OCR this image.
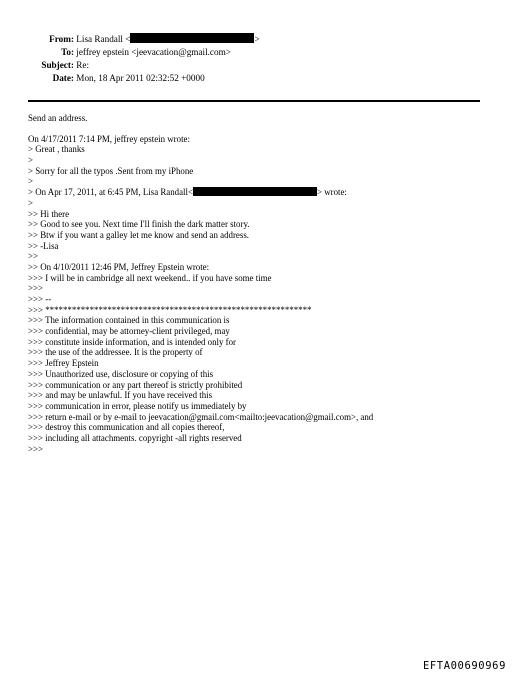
From: Lisa Randall <	>
To: jeffrey epstein <jeevacation@gmail.com>
Subject: Re:
Date: Mon, 18 Apr 2011 02:32:52 +0000
Send an address.
On 4/17/2011 7:14 PM, jeffrey epstein wrote:
> Great , thanks
>
> Sorry for all the typos .Sent from my iPhone
>
> On Apr 17, 2011, at 6:45 PM, Lisa Randall<	> wrote:
>
>> Hi there
>> Good to see you. Next time I'll finish the dark matter story.
>> Btw if you want a galley let me know and send an address.
>> -Lisa
>>
>> On 4/10/2011 12:46 PM, Jeffrey Epstein wrote:
>>> I will be in cambridge all next weekend.. if you have some time
>>>
>>> --
>>> ************************************************************
>>> The information contained in this communication is
>>> confidential, may be attorney-client privileged, may
>>> constitute inside information, and is intended only for
>>> the use of the addressee. It is the property of
>>> Jeffrey Epstein
>>> Unauthorized use, disclosure or copying of this
>>> communication or any part thereof is strictly prohibited
>>> and may be unlawful. If you have received this
>>> communication in error, please notify us immediately by
>>> return e-mail or by e-mail to jeevacation@gmail.com<mailto:jeevacation@gmail.com>, and
>>> destroy this communication and all copies thereof,
>>> including all attachments. copyright -all rights reserved
>>>
EFTA00690969
